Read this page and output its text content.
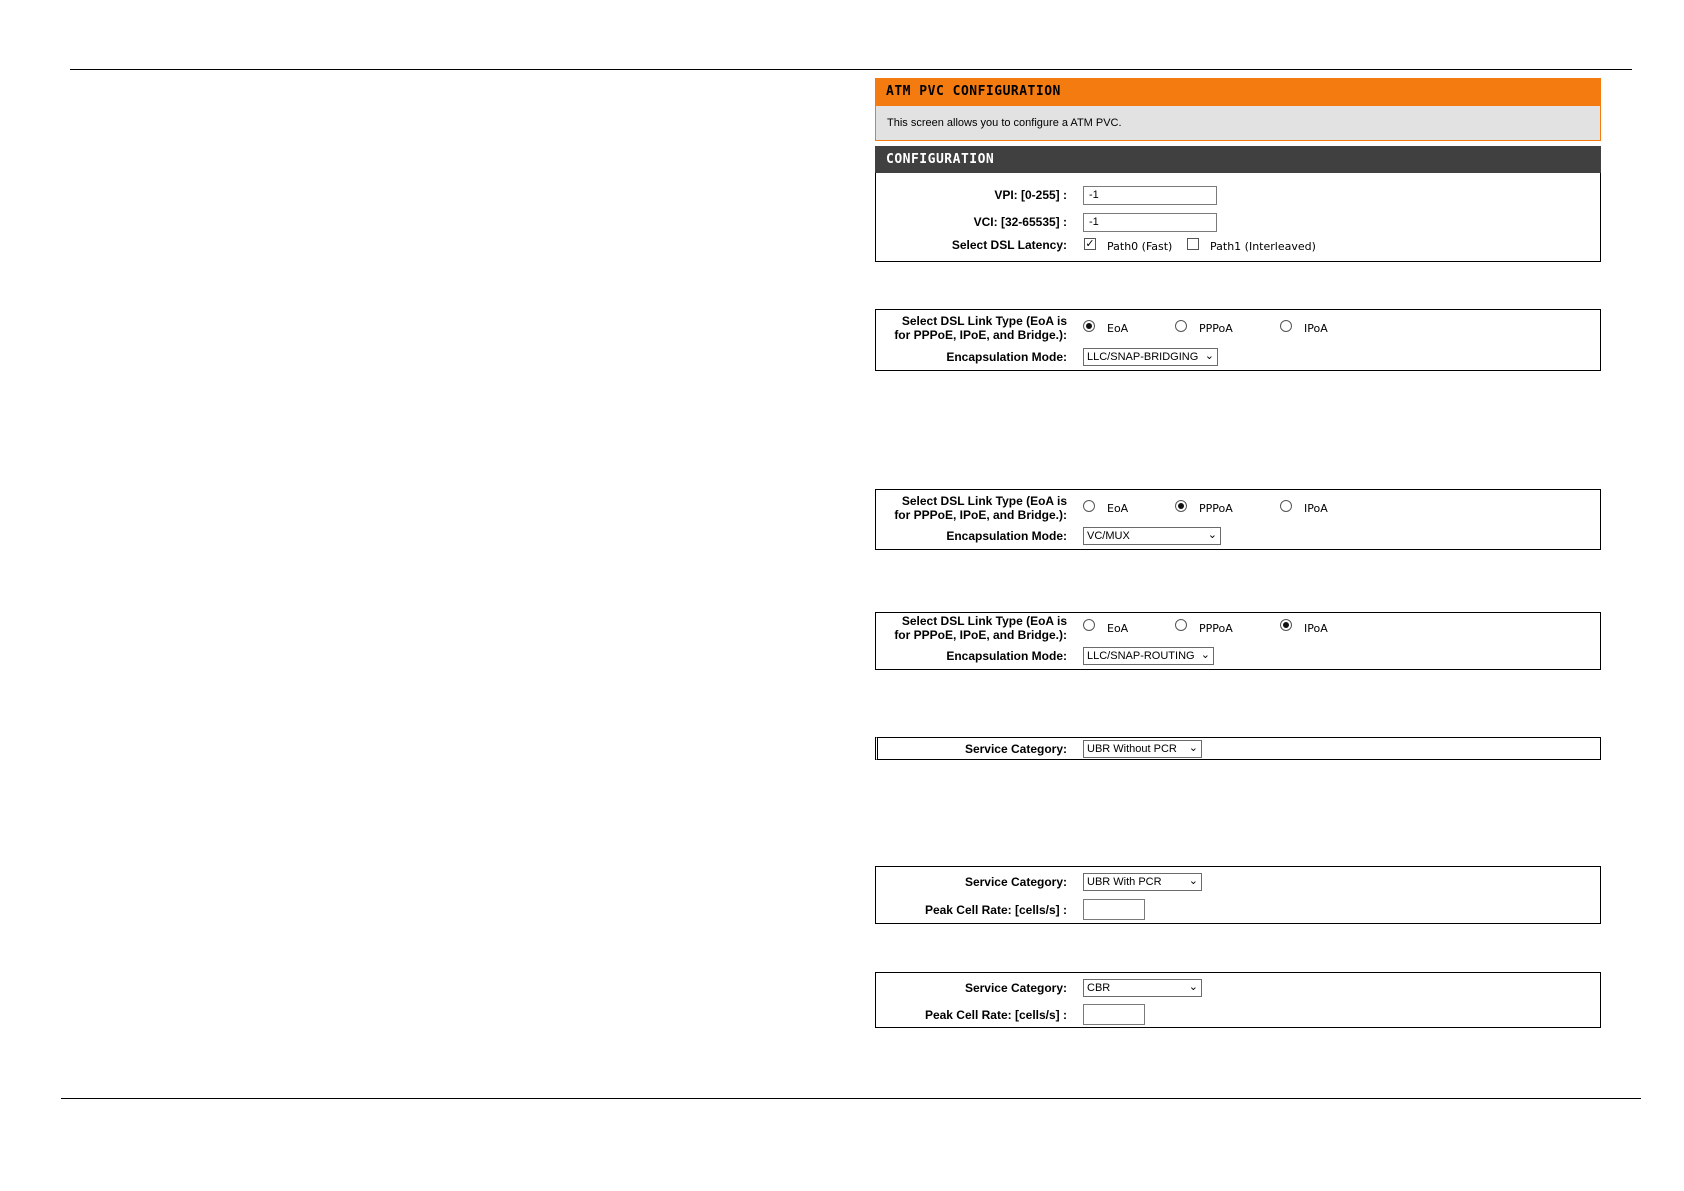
ATM PVC CONFIGURATION
This screen allows you to configure a ATM PVC.
CONFIGURATION
VPI: [0-255] :	-1
VCI: [32-65535] :	-1
Select DSL Latency: ✓ Path0 (Fast)	Path1 (Interleaved)
Select DSL Link Type (EoA is
for PPPoE, IPoE, and Bridge.):	EoA	PPPoA	IPoA
Encapsulation Mode:	LLC/SNAP-BRIDGING ⌄
Select DSL Link Type (EoA is
for PPPoE, IPoE, and Bridge.):	EoA	PPPoA	IPoA
Encapsulation Mode:	VC/MUX	⌄
Select DSL Link Type (EoA is
for PPPoE, IPoE, and Bridge.):	EoA	PPPoA	IPoA
Encapsulation Mode:	LLC/SNAP-ROUTING ⌄
Service Category:	UBR Without PCR ⌄
Service Category:	UBR With PCR ⌄
Peak Cell Rate: [cells/s] :
Service Category:	CBR	⌄
Peak Cell Rate: [cells/s] :
